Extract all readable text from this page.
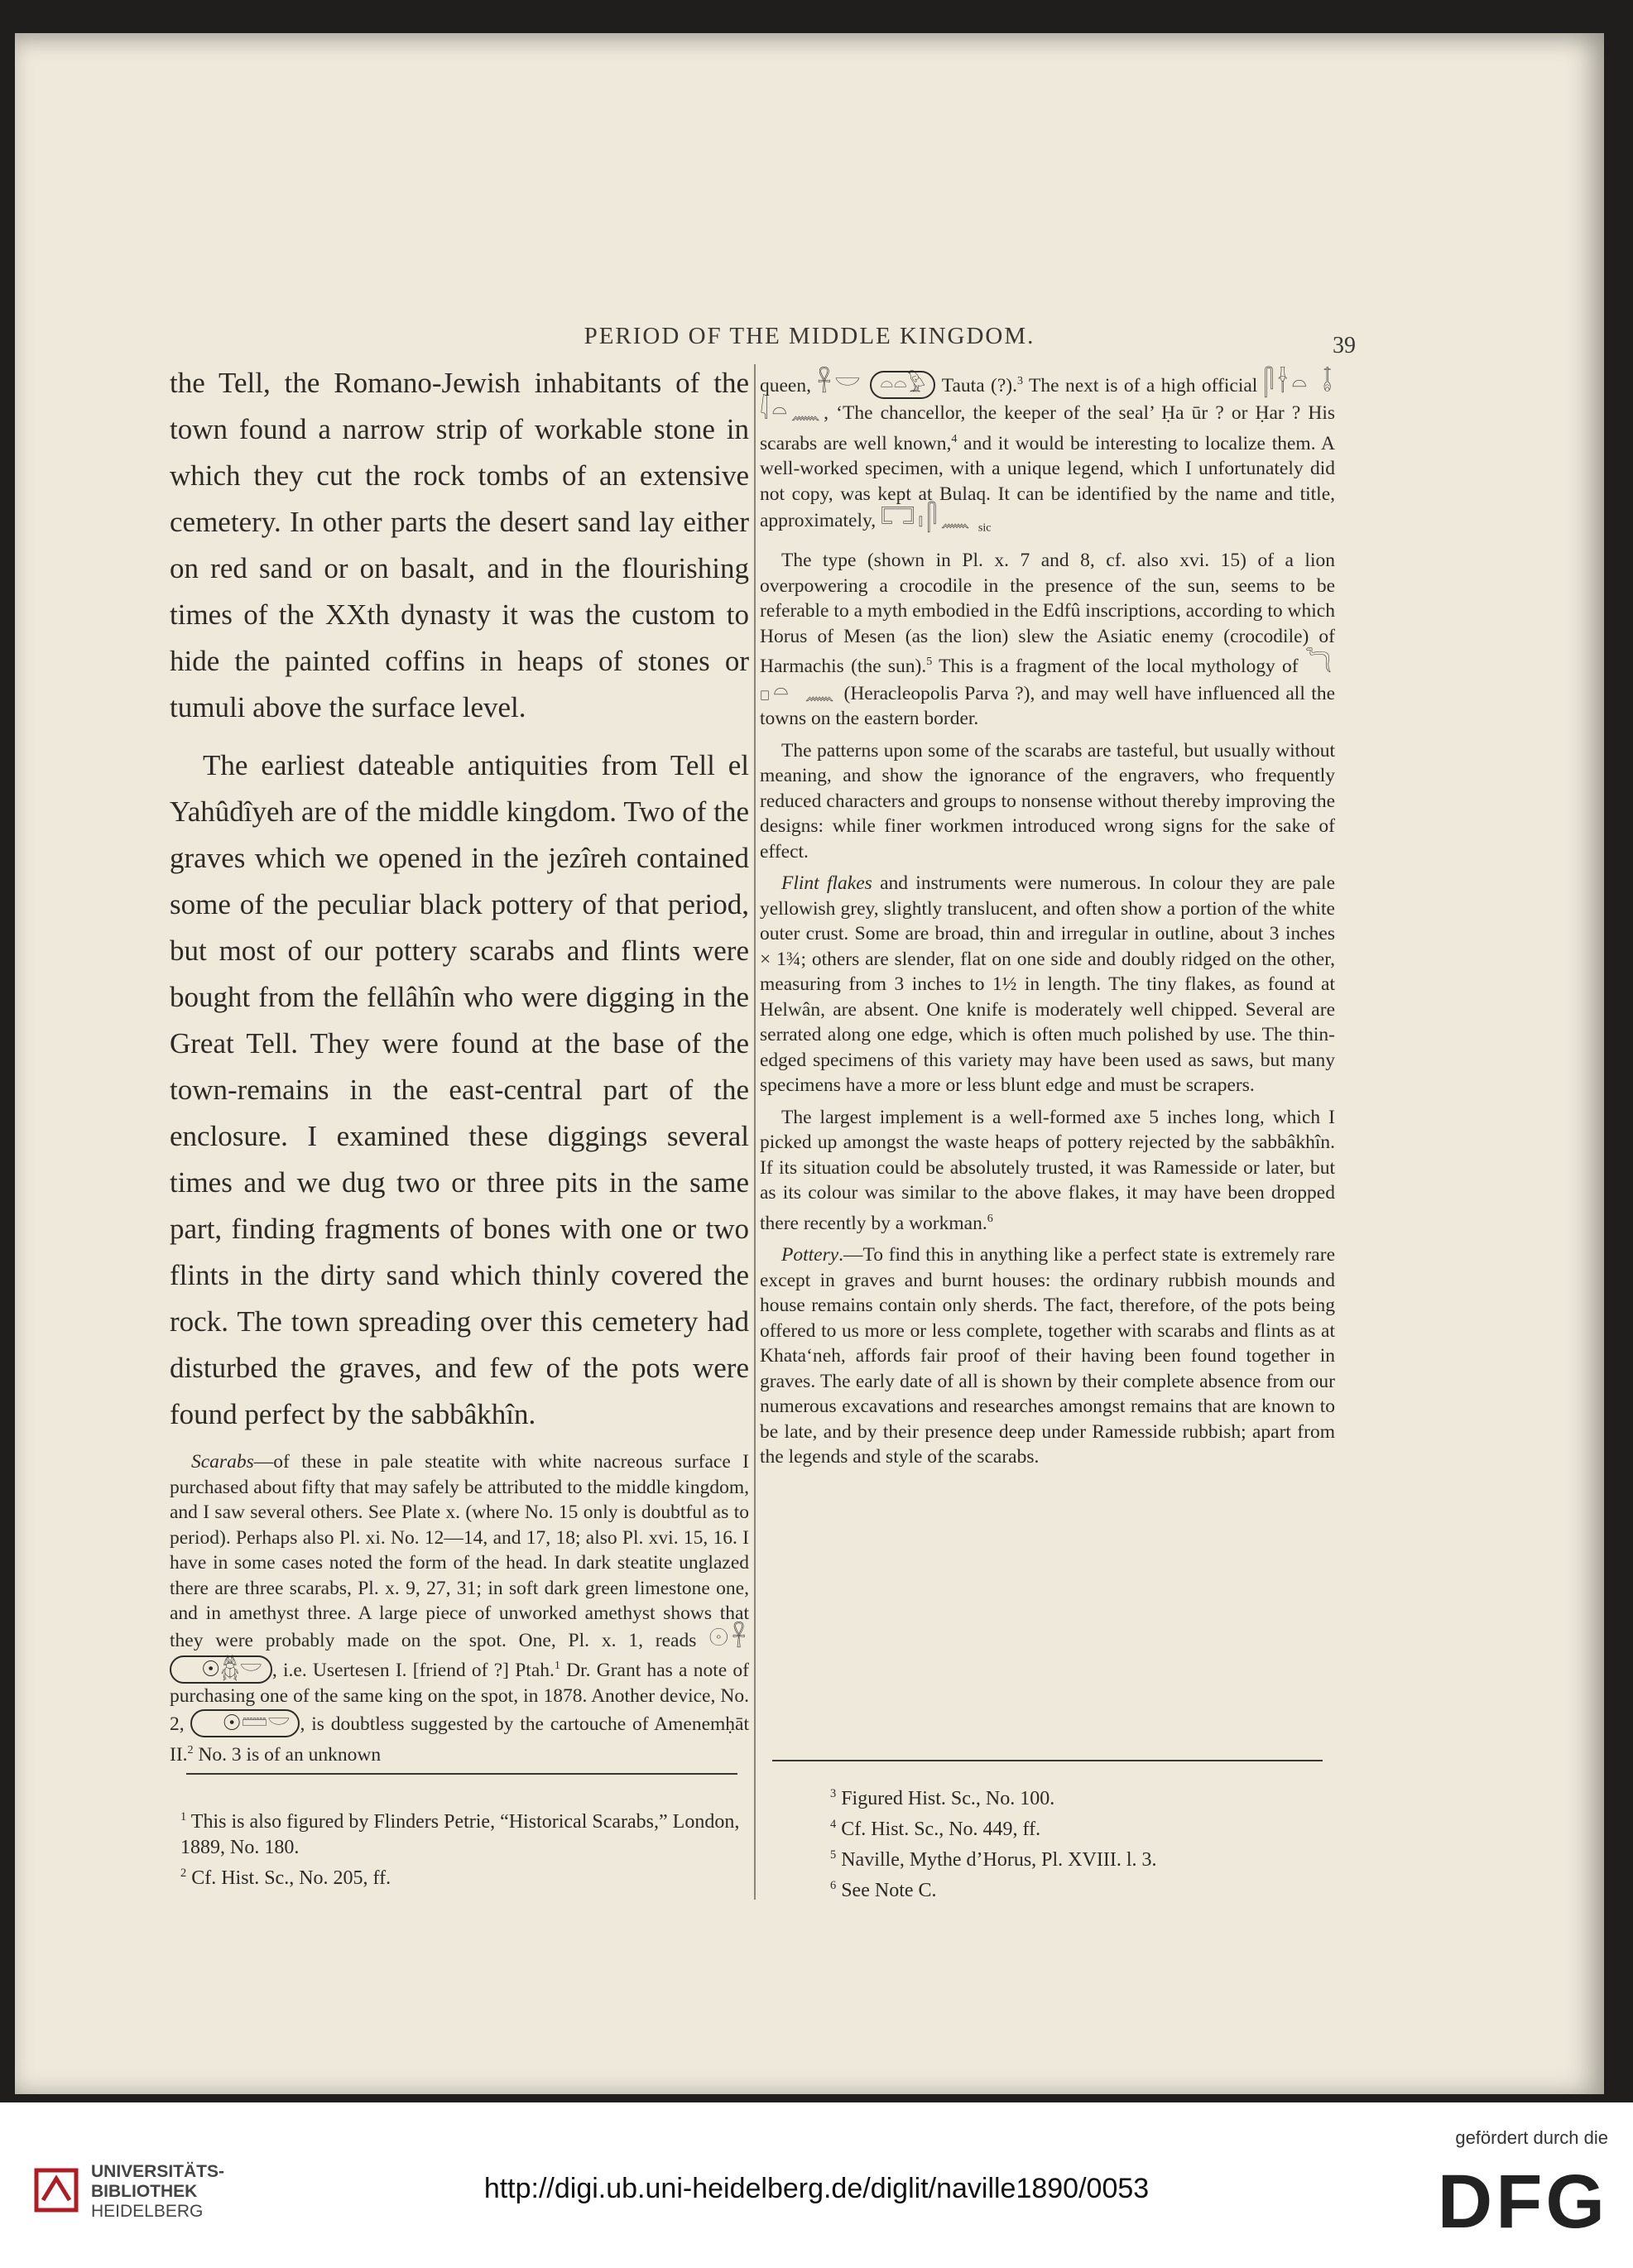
PERIOD OF THE MIDDLE KINGDOM.	39

the Tell, the Romano-Jewish inhabitants of the town found a narrow strip of workable stone in which they cut the rock tombs of an extensive cemetery. In other parts the desert sand lay either on red sand or on basalt, and in the flourishing times of the XXth dynasty it was the custom to hide the painted coffins in heaps of stones or tumuli above the surface level.

The earliest dateable antiquities from Tell el Yahûdîyeh are of the middle kingdom. Two of the graves which we opened in the jezîreh contained some of the peculiar black pottery of that period, but most of our pottery scarabs and flints were bought from the fellâhîn who were digging in the Great Tell. They were found at the base of the town-remains in the east-central part of the enclosure. I examined these diggings several times and we dug two or three pits in the same part, finding fragments of bones with one or two flints in the dirty sand which thinly covered the rock. The town spreading over this cemetery had disturbed the graves, and few of the pots were found perfect by the sabbâkhîn.

Scarabs—of these in pale steatite with white nacreous surface I purchased about fifty that may safely be attributed to the middle kingdom, and I saw several others. See Plate x. (where No. 15 only is doubtful as to period). Perhaps also Pl. xi. No. 12—14, and 17, 18; also Pl. xvi. 15, 16. I have in some cases noted the form of the head. In dark steatite unglazed there are three scarabs, Pl. x. 9, 27, 31; in soft dark green limestone one, and in amethyst three. A large piece of unworked amethyst shows that they were probably made on the spot. One, Pl. x. 1, reads 𓇳𓋹 ☉𓆣𓎟 , i.e. Usertesen I. [friend of ?] Ptah.$^1$ Dr. Grant has a note of purchasing one of the same king on the spot, in 1878. Another device, No. 2, ☉𓏠𓎟 , is doubtless suggested by the cartouche of Amenemḥāt II.$^2$ No. 3 is of an unknown

queen, 𓋹𓎟 𓏏𓏏𓅱 Tauta (?).$^3$ The next is of a high official 𓋴𓌂𓏏 𓄤 𓇋𓏏𓈖, ‘The chancellor, the keeper of the seal’ Ḥa ūr ? or Ḥar ? His scarabs are well known,$^4$ and it would be interesting to localize them. A well-worked specimen, with a unique legend, which I unfortunately did not copy, was kept at Bulaq. It can be identified by the name and title, approximately, 𓉐𓏤𓋴𓈖 $_{sic}$

The type (shown in Pl. x. 7 and 8, cf. also xvi. 15) of a lion overpowering a crocodile in the presence of the sun, seems to be referable to a myth embodied in the Edfû inscriptions, according to which Horus of Mesen (as the lion) slew the Asiatic enemy (crocodile) of Harmachis (the sun).$^5$ This is a fragment of the local mythology of 𓆓 𓊪𓏏 𓈖 (Heracleopolis Parva ?), and may well have influenced all the towns on the eastern border.

The patterns upon some of the scarabs are tasteful, but usually without meaning, and show the ignorance of the engravers, who frequently reduced characters and groups to nonsense without thereby improving the designs: while finer workmen introduced wrong signs for the sake of effect.

Flint flakes and instruments were numerous. In colour they are pale yellowish grey, slightly translucent, and often show a portion of the white outer crust. Some are broad, thin and irregular in outline, about 3 inches × 1¾; others are slender, flat on one side and doubly ridged on the other, measuring from 3 inches to 1½ in length. The tiny flakes, as found at Helwân, are absent. One knife is moderately well chipped. Several are serrated along one edge, which is often much polished by use. The thin-edged specimens of this variety may have been used as saws, but many specimens have a more or less blunt edge and must be scrapers.

The largest implement is a well-formed axe 5 inches long, which I picked up amongst the waste heaps of pottery rejected by the sabbâkhîn. If its situation could be absolutely trusted, it was Ramesside or later, but as its colour was similar to the above flakes, it may have been dropped there recently by a workman.$^6$

Pottery.—To find this in anything like a perfect state is extremely rare except in graves and burnt houses: the ordinary rubbish mounds and house remains contain only sherds. The fact, therefore, of the pots being offered to us more or less complete, together with scarabs and flints as at Khata‘neh, affords fair proof of their having been found together in graves. The early date of all is shown by their complete absence from our numerous excavations and researches amongst remains that are known to be late, and by their presence deep under Ramesside rubbish; apart from the legends and style of the scarabs.

$^1$ This is also figured by Flinders Petrie, “Historical Scarabs,” London, 1889, No. 180.
$^2$ Cf. Hist. Sc., No. 205, ff.
$^3$ Figured Hist. Sc., No. 100.
$^4$ Cf. Hist. Sc., No. 449, ff.
$^5$ Naville, Mythe d’Horus, Pl. XVIII. l. 3.
$^6$ See Note C.
UNIVERSITÄTS-
BIBLIOTHEK
HEIDELBERG
http://digi.ub.uni-heidelberg.de/diglit/naville1890/0053
gefördert durch die
DFG
